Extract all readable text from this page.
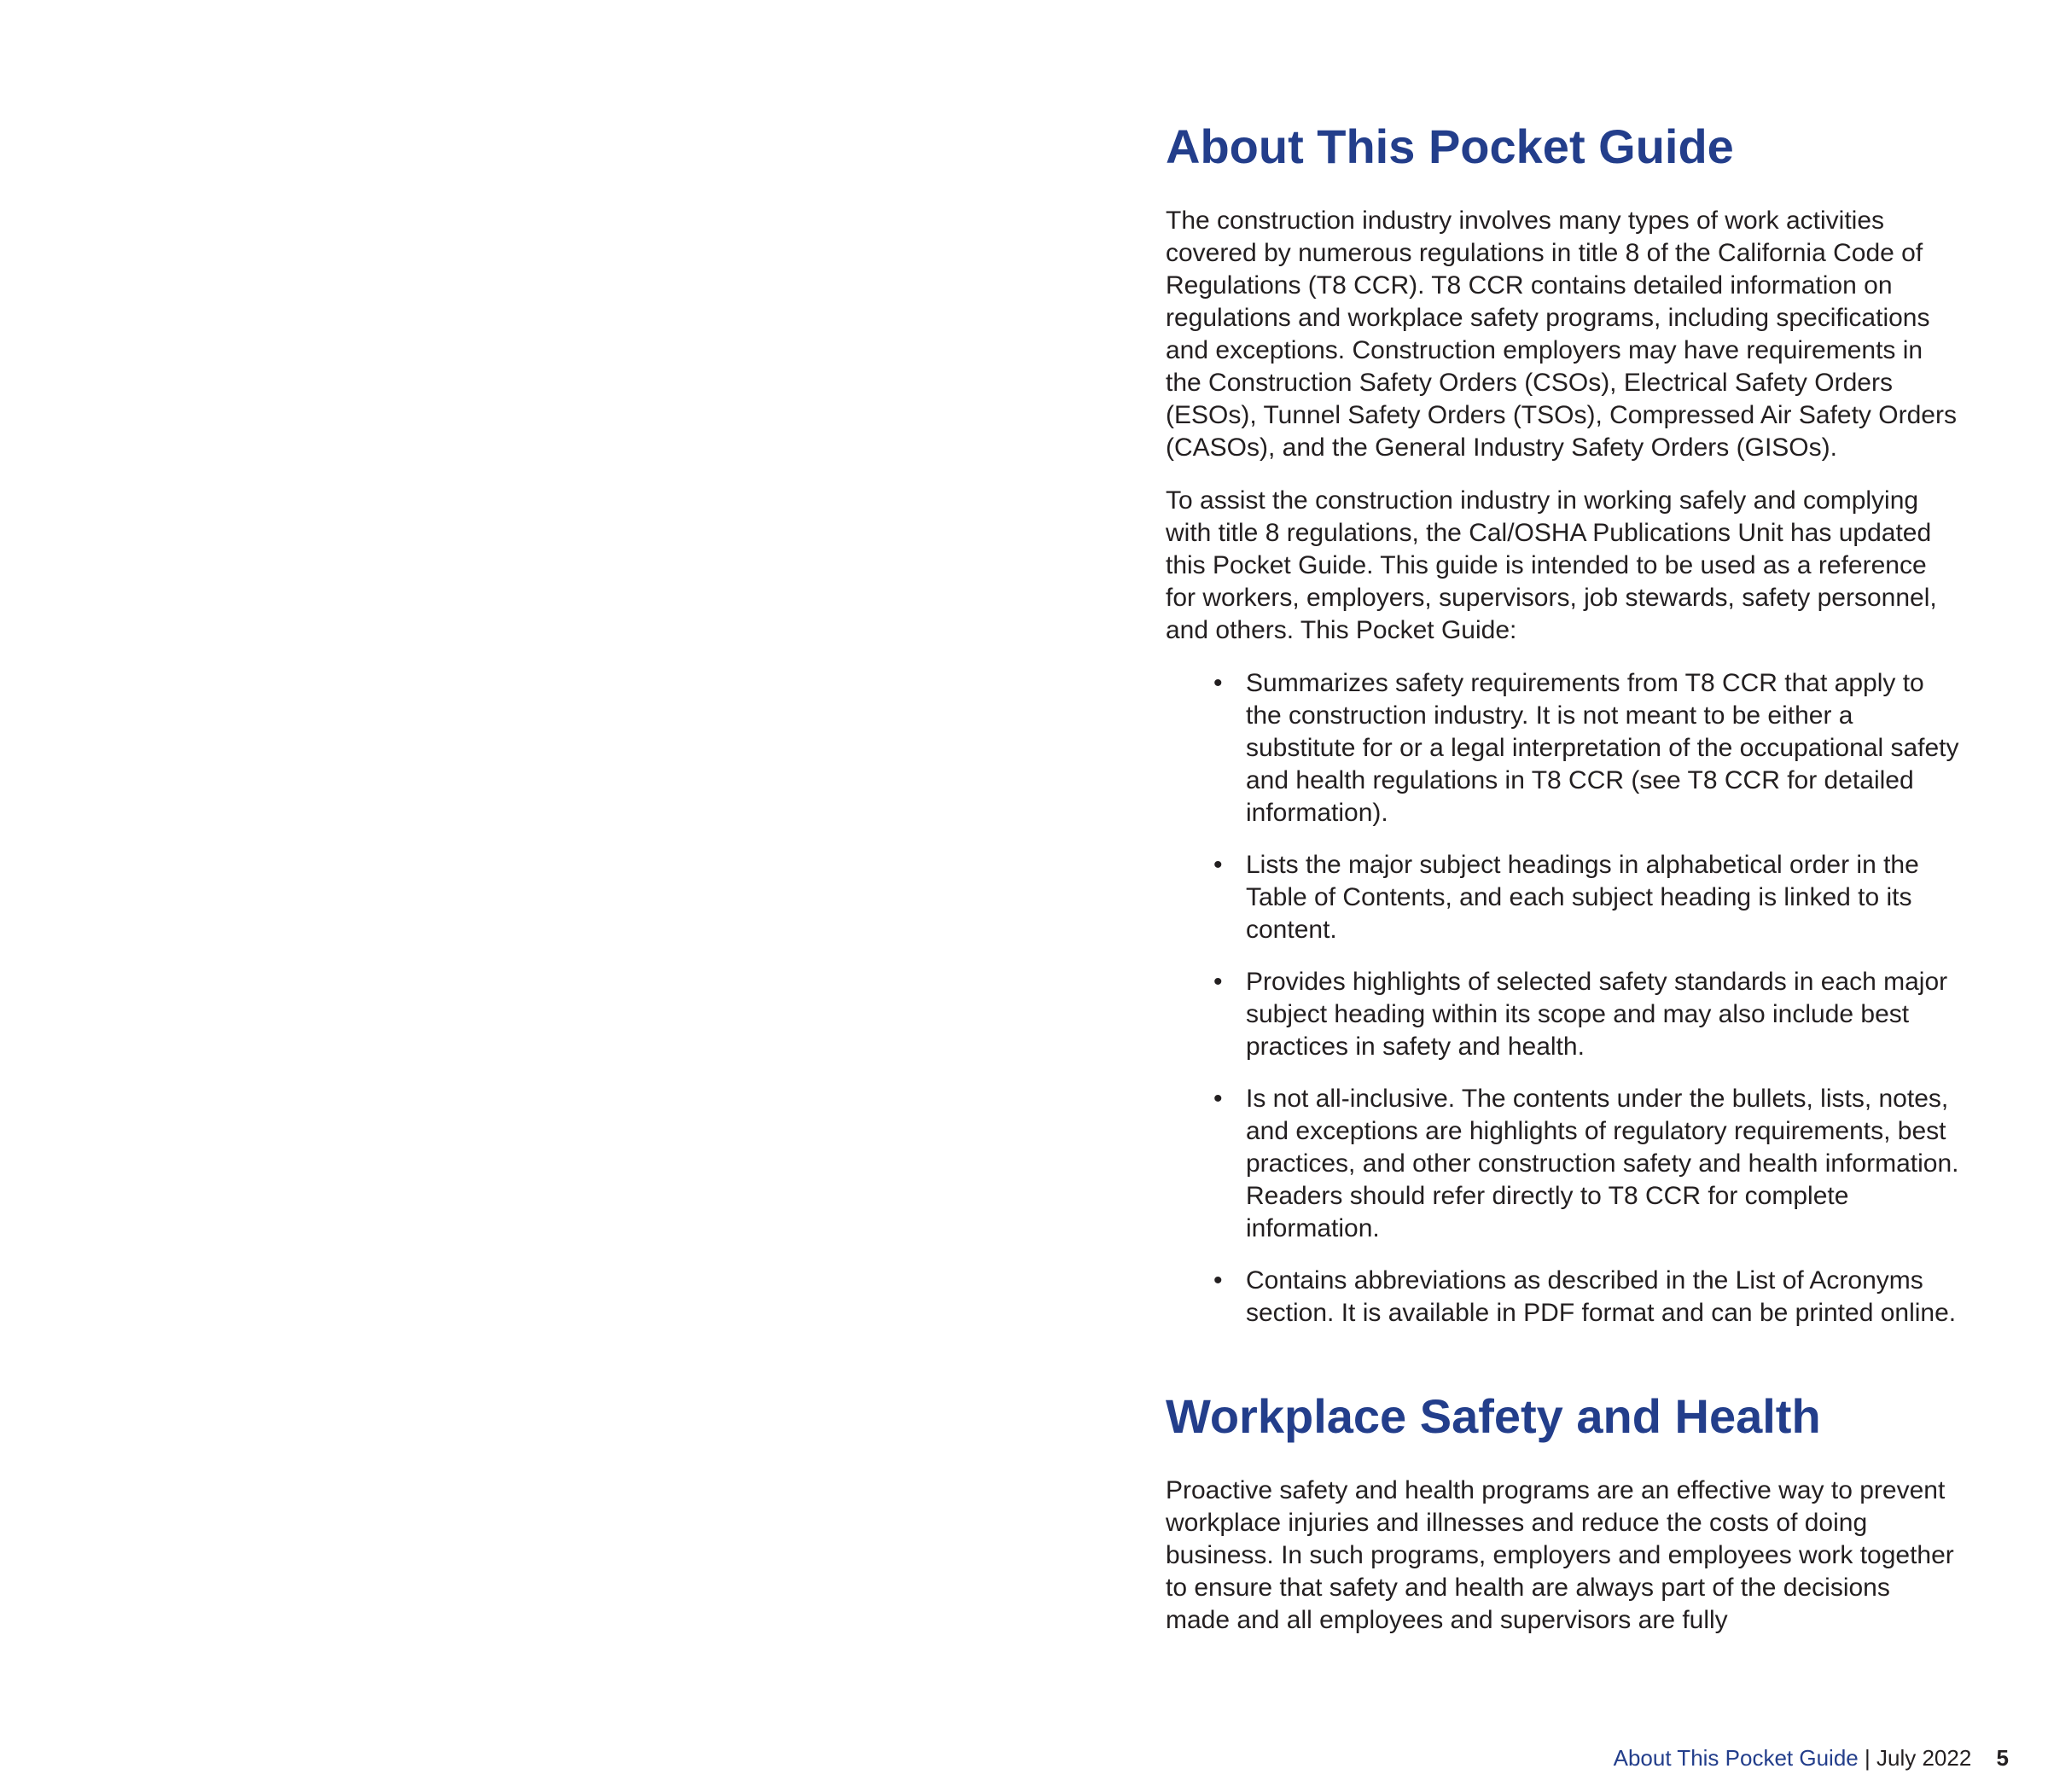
About This Pocket Guide

The construction industry involves many types of work activities covered by numerous regulations in title 8 of the California Code of Regulations (T8 CCR). T8 CCR contains detailed information on regulations and workplace safety programs, including specifications and exceptions. Construction employers may have requirements in the Construction Safety Orders (CSOs), Electrical Safety Orders (ESOs), Tunnel Safety Orders (TSOs), Compressed Air Safety Orders (CASOs), and the General Industry Safety Orders (GISOs).

To assist the construction industry in working safely and complying with title 8 regulations, the Cal/OSHA Publications Unit has updated this Pocket Guide. This guide is intended to be used as a reference for workers, employers, supervisors, job stewards, safety personnel, and others. This Pocket Guide:

• Summarizes safety requirements from T8 CCR that apply to the construction industry. It is not meant to be either a substitute for or a legal interpretation of the occupational safety and health regulations in T8 CCR (see T8 CCR for detailed information).
• Lists the major subject headings in alphabetical order in the Table of Contents, and each subject heading is linked to its content.
• Provides highlights of selected safety standards in each major subject heading within its scope and may also include best practices in safety and health.
• Is not all-inclusive. The contents under the bullets, lists, notes, and exceptions are highlights of regulatory requirements, best practices, and other construction safety and health information. Readers should refer directly to T8 CCR for complete information.
• Contains abbreviations as described in the List of Acronyms section. It is available in PDF format and can be printed online.
Workplace Safety and Health

Proactive safety and health programs are an effective way to prevent workplace injuries and illnesses and reduce the costs of doing business. In such programs, employers and employees work together to ensure that safety and health are always part of the decisions made and all employees and supervisors are fully

About This Pocket Guide | July 2022 5
